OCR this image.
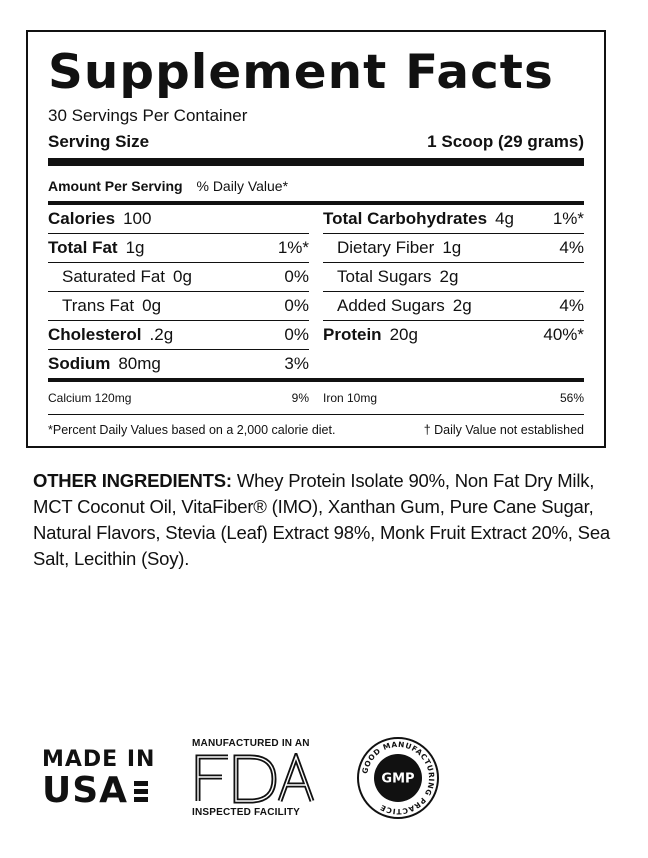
Supplement Facts
30 Servings Per Container
Serving Size	1 Scoop (29 grams)
Amount Per Serving % Daily Value*
Calories 100
Total Fat 1g	1%*
Saturated Fat 0g	0%
Trans Fat 0g	0%
Cholesterol .2g	0%
Sodium 80mg	3%
Total Carbohydrates 4g 1%*
Dietary Fiber 1g	4%
Total Sugars 2g
Added Sugars 2g	4%
Protein 20g	40%*
Calcium 120mg	9% Iron 10mg	56%
*Percent Daily Values based on a 2,000 calorie diet.	† Daily Value not established
OTHER INGREDIENTS: Whey Protein Isolate 90%, Non Fat Dry Milk, MCT Coconut Oil, VitaFiber® (IMO), Xanthan Gum, Pure Cane Sugar, Natural Flavors, Stevia (Leaf) Extract 98%, Monk Fruit Extract 20%, Sea Salt, Lecithin (Soy).
MADE IN
USA
MANUFACTURED IN AN
INSPECTED FACILITY
GOOD MANUFACTURING PRACTICE
GMP
